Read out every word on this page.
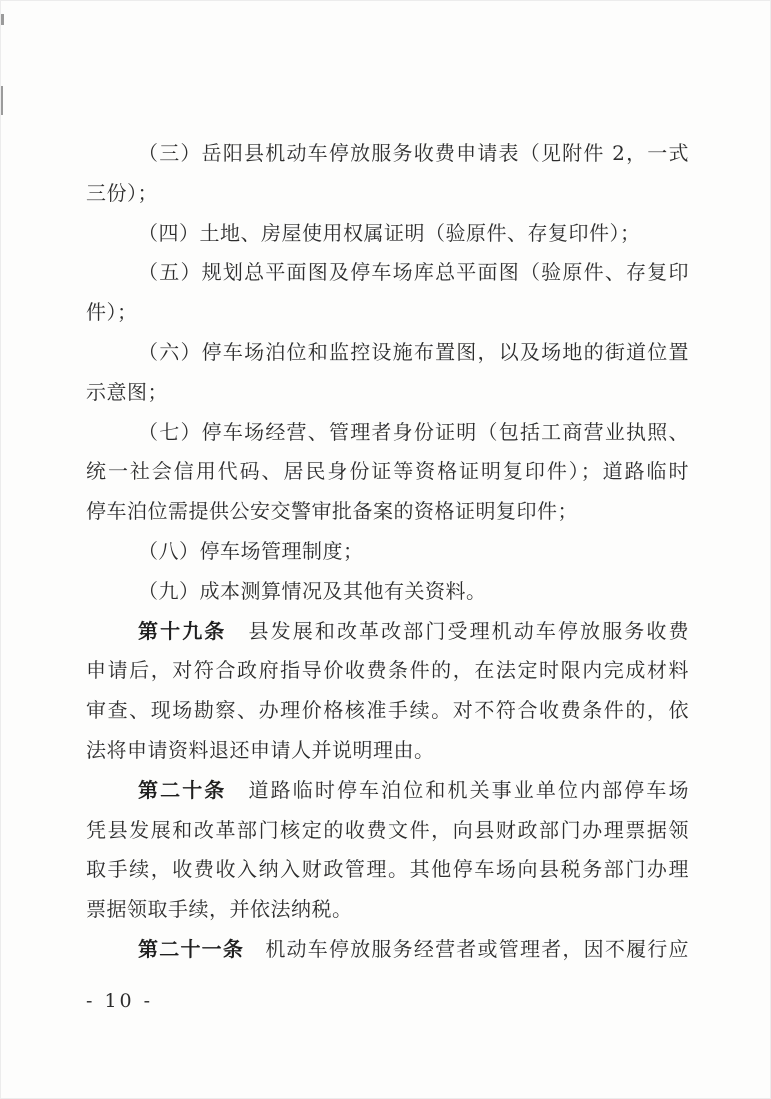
（三）岳阳县机动车停放服务收费申请表（见附件 2，一式
三份）；
（四）土地、房屋使用权属证明（验原件、存复印件）；
（五）规划总平面图及停车场库总平面图（验原件、存复印
件）；
（六）停车场泊位和监控设施布置图，以及场地的街道位置
示意图；
（七）停车场经营、管理者身份证明（包括工商营业执照、
统一社会信用代码、居民身份证等资格证明复印件）；道路临时
停车泊位需提供公安交警审批备案的资格证明复印件；
（八）停车场管理制度；
（九）成本测算情况及其他有关资料。
第十九条　县发展和改革改部门受理机动车停放服务收费
申请后，对符合政府指导价收费条件的，在法定时限内完成材料
审查、现场勘察、办理价格核准手续。对不符合收费条件的，依
法将申请资料退还申请人并说明理由。
第二十条　道路临时停车泊位和机关事业单位内部停车场
凭县发展和改革部门核定的收费文件，向县财政部门办理票据领
取手续，收费收入纳入财政管理。其他停车场向县税务部门办理
票据领取手续，并依法纳税。
第二十一条　机动车停放服务经营者或管理者，因不履行应
- 10 -
